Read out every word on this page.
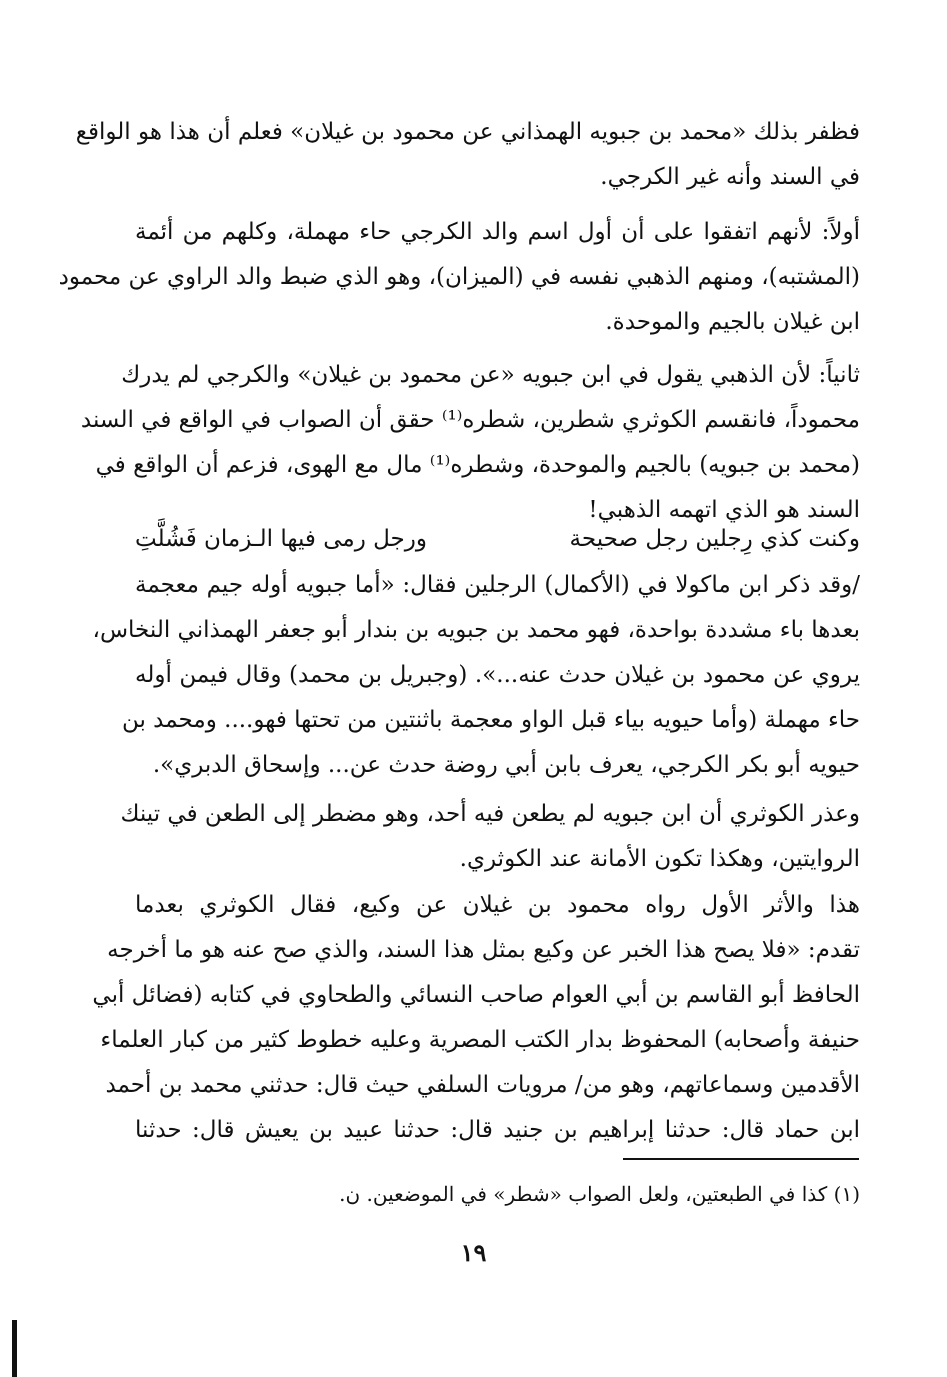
فظفر بذلك «محمد بن جبويه الهمذاني عن محمود بن غيلان» فعلم أن هذا هو الواقع
في السند وأنه غير الكرجي.
أولاً: لأنهم اتفقوا على أن أول اسم والد الكرجي حاء مهملة، وكلهم من أئمة
(المشتبه)، ومنهم الذهبي نفسه في (الميزان)، وهو الذي ضبط والد الراوي عن محمود
ابن غيلان بالجيم والموحدة.
ثانياً: لأن الذهبي يقول في ابن جبويه «عن محمود بن غيلان» والكرجي لم يدرك
محموداً، فانقسم الكوثري شطرين، شطره⁽¹⁾ حقق أن الصواب في الواقع في السند
(محمد بن جبويه) بالجيم والموحدة، وشطره⁽¹⁾ مال مع الهوى، فزعم أن الواقع في
السند هو الذي اتهمه الذهبي!
وكنت كذي رِجلين رجل صحيحة
ورجل رمى فيها الـزمان فَشُلَّتِ
/وقد ذكر ابن ماكولا في (الأكمال) الرجلين فقال: «أما جبويه أوله جيم معجمة
بعدها باء مشددة بواحدة، فهو محمد بن جبويه بن بندار أبو جعفر الهمذاني النخاس،
يروي عن محمود بن غيلان حدث عنه...». (وجبريل بن محمد) وقال فيمن أوله
حاء مهملة (وأما حيويه بياء قبل الواو معجمة باثنتين من تحتها فهو.... ومحمد بن
حيويه أبو بكر الكرجي، يعرف بابن أبي روضة حدث عن... وإسحاق الدبري».
وعذر الكوثري أن ابن جبويه لم يطعن فيه أحد، وهو مضطر إلى الطعن في تينك
الروايتين، وهكذا تكون الأمانة عند الكوثري.
هذا والأثر الأول رواه محمود بن غيلان عن وكيع، فقال الكوثري بعدما
تقدم: «فلا يصح هذا الخبر عن وكيع بمثل هذا السند، والذي صح عنه هو ما أخرجه
الحافظ أبو القاسم بن أبي العوام صاحب النسائي والطحاوي في كتابه (فضائل أبي
حنيفة وأصحابه) المحفوظ بدار الكتب المصرية وعليه خطوط كثير من كبار العلماء
الأقدمين وسماعاتهم، وهو من/ مرويات السلفي حيث قال: حدثني محمد بن أحمد
ابن حماد قال: حدثنا إبراهيم بن جنيد قال: حدثنا عبيد بن يعيش قال: حدثنا
(١) كذا في الطبعتين، ولعل الصواب «شطر» في الموضعين. ن.
١٩
